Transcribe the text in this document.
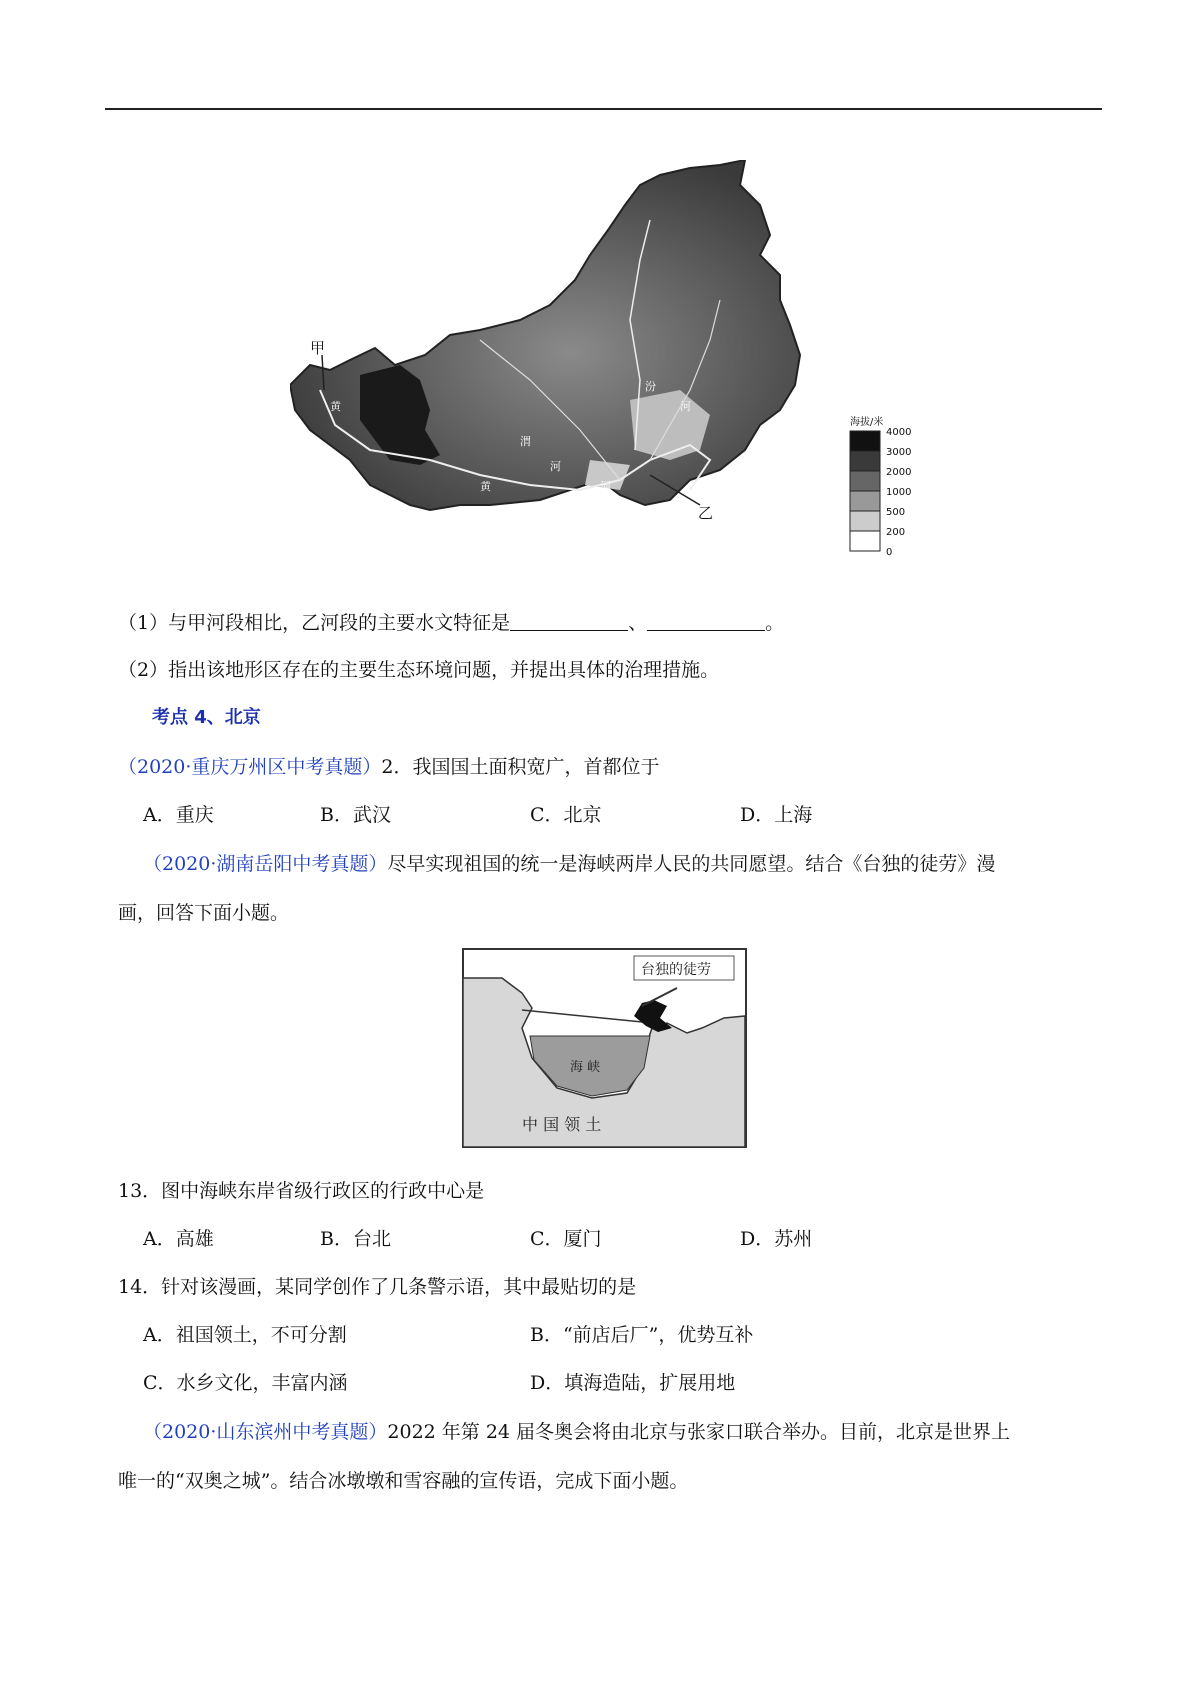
甲
乙
黄
河
黄	河
渭
河
汾
河
海拔/米
4000
3000
2000
1000
500
200
0
（1）与甲河段相比，乙河段的主要水文特征是	、	。
（2）指出该地形区存在的主要生态环境问题，并提出具体的治理措施。
考点 4、北京
（2020·重庆万州区中考真题）2．我国国土面积宽广，首都位于
A．重庆	B．武汉	C．北京	D．上海
（2020·湖南岳阳中考真题）尽早实现祖国的统一是海峡两岸人民的共同愿望。结合《台独的徒劳》漫
画，回答下面小题。
台独的徒劳
海 峡
中 国 领 土
13．图中海峡东岸省级行政区的行政中心是
A．高雄	B．台北	C．厦门	D．苏州
14．针对该漫画，某同学创作了几条警示语，其中最贴切的是
A．祖国领土，不可分割	B．“前店后厂”，优势互补
C．水乡文化，丰富内涵	D．填海造陆，扩展用地
（2020·山东滨州中考真题）2022 年第 24 届冬奥会将由北京与张家口联合举办。目前，北京是世界上
唯一的“双奥之城”。结合冰墩墩和雪容融的宣传语，完成下面小题。
